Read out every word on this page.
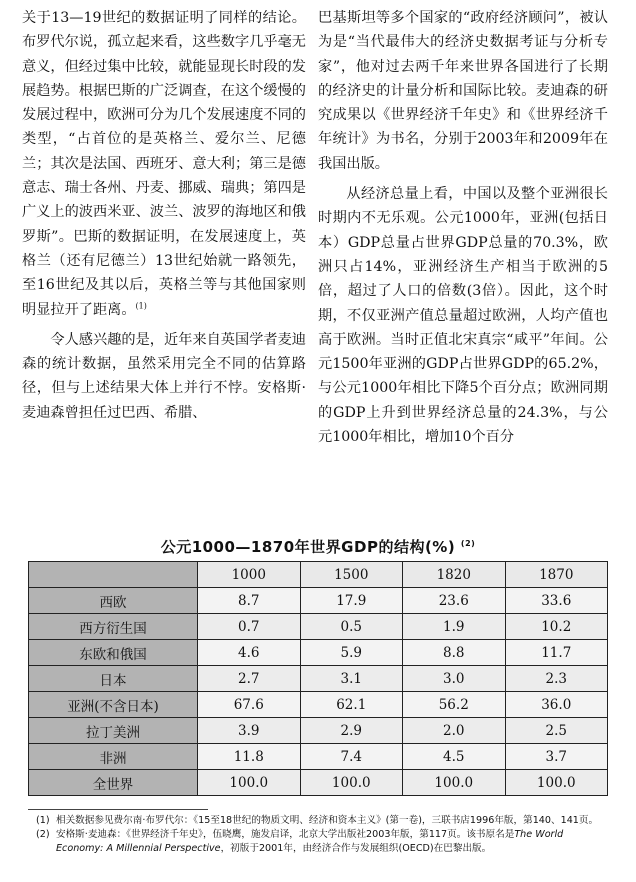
关于13—19世纪的数据证明了同样的结论。布罗代尔说，孤立起来看，这些数字几乎毫无意义，但经过集中比较，就能显现长时段的发展趋势。根据巴斯的广泛调查，在这个缓慢的发展过程中，欧洲可分为几个发展速度不同的类型，“占首位的是英格兰、爱尔兰、尼德兰；其次是法国、西班牙、意大利；第三是德意志、瑞士各州、丹麦、挪威、瑞典；第四是广义上的波西米亚、波兰、波罗的海地区和俄罗斯”。巴斯的数据证明，在发展速度上，英格兰（还有尼德兰）13世纪始就一路领先，至16世纪及其以后，英格兰等与其他国家则明显拉开了距离。$^{(1)}$

令人感兴趣的是，近年来自英国学者麦迪森的统计数据，虽然采用完全不同的估算路径，但与上述结果大体上并行不悖。安格斯·麦迪森曾担任过巴西、希腊、

巴基斯坦等多个国家的“政府经济顾问”，被认为是“当代最伟大的经济史数据考证与分析专家”，他对过去两千年来世界各国进行了长期的经济史的计量分析和国际比较。麦迪森的研究成果以《世界经济千年史》和《世界经济千年统计》为书名，分别于2003年和2009年在我国出版。

从经济总量上看，中国以及整个亚洲很长时期内不无乐观。公元1000年，亚洲(包括日本）GDP总量占世界GDP总量的70.3%，欧洲只占14%，亚洲经济生产相当于欧洲的5倍，超过了人口的倍数(3倍）。因此，这个时期，不仅亚洲产值总量超过欧洲，人均产值也高于欧洲。当时正值北宋真宗“咸平”年间。公元1500年亚洲的GDP占世界GDP的65.2%，与公元1000年相比下降5个百分点；欧洲同期的GDP上升到世界经济总量的24.3%，与公元1000年相比，增加10个百分

公元1000—1870年世界GDP的结构(%) $^{(2)}$
	1000	1500	1820	1870
西欧	8.7	17.9	23.6	33.6
西方衍生国	0.7	0.5	1.9	10.2
东欧和俄国	4.6	5.9	8.8	11.7
日本	2.7	3.1	3.0	2.3
亚洲(不含日本)	67.6	62.1	56.2	36.0
拉丁美洲	3.9	2.9	2.0	2.5
非洲	11.8	7.4	4.5	3.7
全世界	100.0	100.0	100.0	100.0
(1) 相关数据参见费尔南·布罗代尔：《15至18世纪的物质文明、经济和资本主义》(第一卷)，三联书店1996年版，第140、141页。
(2) 安格斯·麦迪森：《世界经济千年史》，伍晓鹰，施发启译，北京大学出版社2003年版，第117页。该书原名是The World Economy: A Millennial Perspective，初版于2001年，由经济合作与发展组织(OECD)在巴黎出版。
